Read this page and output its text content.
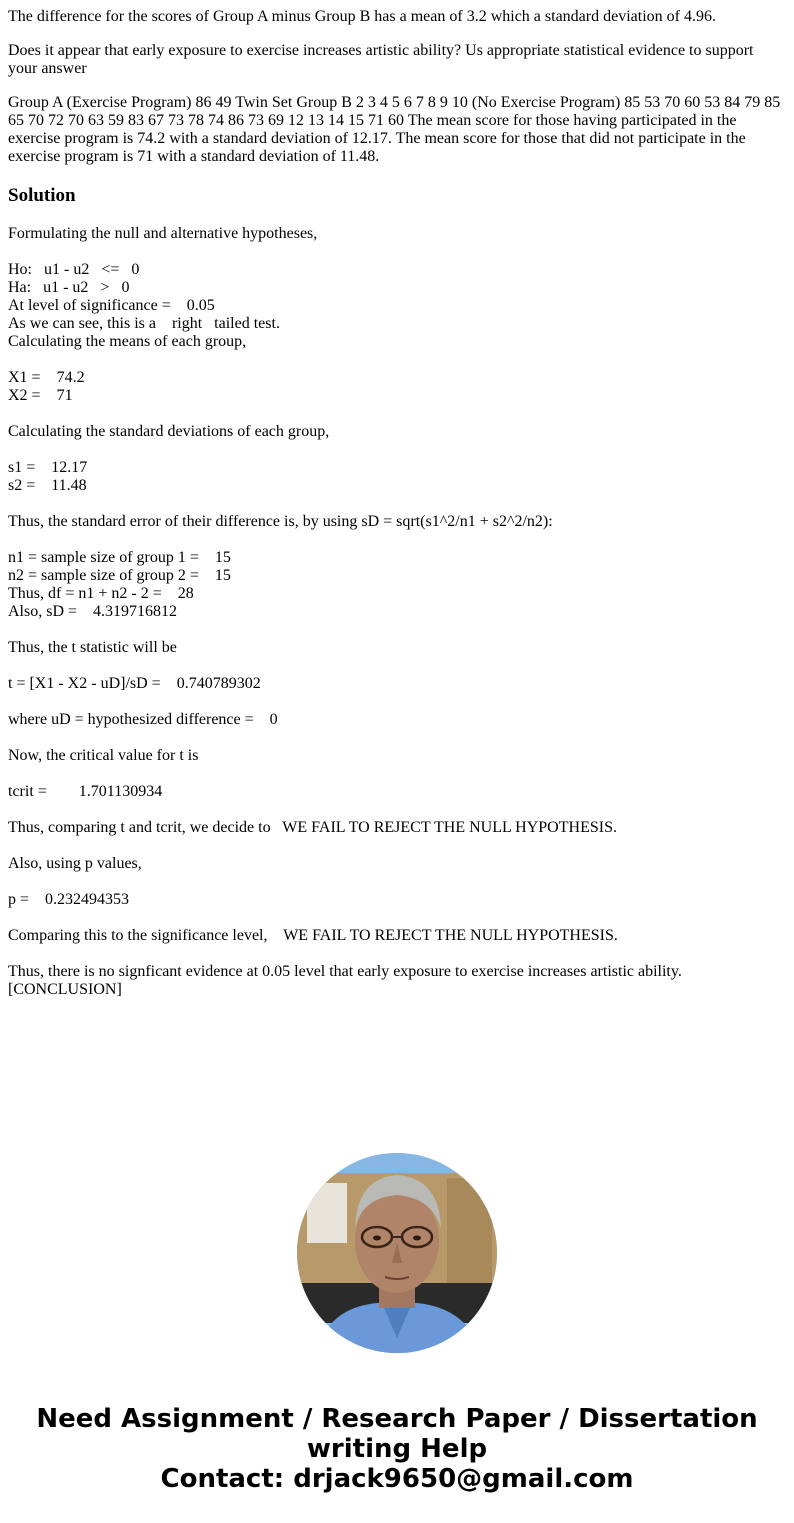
The difference for the scores of Group A minus Group B has a mean of 3.2 which a standard deviation of 4.96.

Does it appear that early exposure to exercise increases artistic ability? Us appropriate statistical evidence to support your answer

Group A (Exercise Program) 86 49 Twin Set Group B 2 3 4 5 6 7 8 9 10 (No Exercise Program) 85 53 70 60 53 84 79 85 65 70 72 70 63 59 83 67 73 78 74 86 73 69 12 13 14 15 71 60 The mean score for those having participated in the exercise program is 74.2 with a standard deviation of 12.17. The mean score for those that did not participate in the exercise program is 71 with a standard deviation of 11.48.

Solution
Formulating the null and alternative hypotheses,
Ho:   u1 - u2   <=   0
Ha:   u1 - u2   >   0
At level of significance =    0.05
As we can see, this is a    right   tailed test.
Calculating the means of each group,
X1 =    74.2
X2 =    71
Calculating the standard deviations of each group,
s1 =    12.17
s2 =    11.48
Thus, the standard error of their difference is, by using sD = sqrt(s1^2/n1 + s2^2/n2):
n1 = sample size of group 1 =    15
n2 = sample size of group 2 =    15
Thus, df = n1 + n2 - 2 =    28
Also, sD =    4.319716812
Thus, the t statistic will be
t = [X1 - X2 - uD]/sD =    0.740789302
where uD = hypothesized difference =    0
Now, the critical value for t is
tcrit =        1.701130934
Thus, comparing t and tcrit, we decide to   WE FAIL TO REJECT THE NULL HYPOTHESIS.
Also, using p values,
p =    0.232494353
Comparing this to the significance level,    WE FAIL TO REJECT THE NULL HYPOTHESIS.
Thus, there is no signficant evidence at 0.05 level that early exposure to exercise increases artistic ability.
[CONCLUSION]
Need Assignment / Research Paper / Dissertation
writing Help
Contact: drjack9650@gmail.com
